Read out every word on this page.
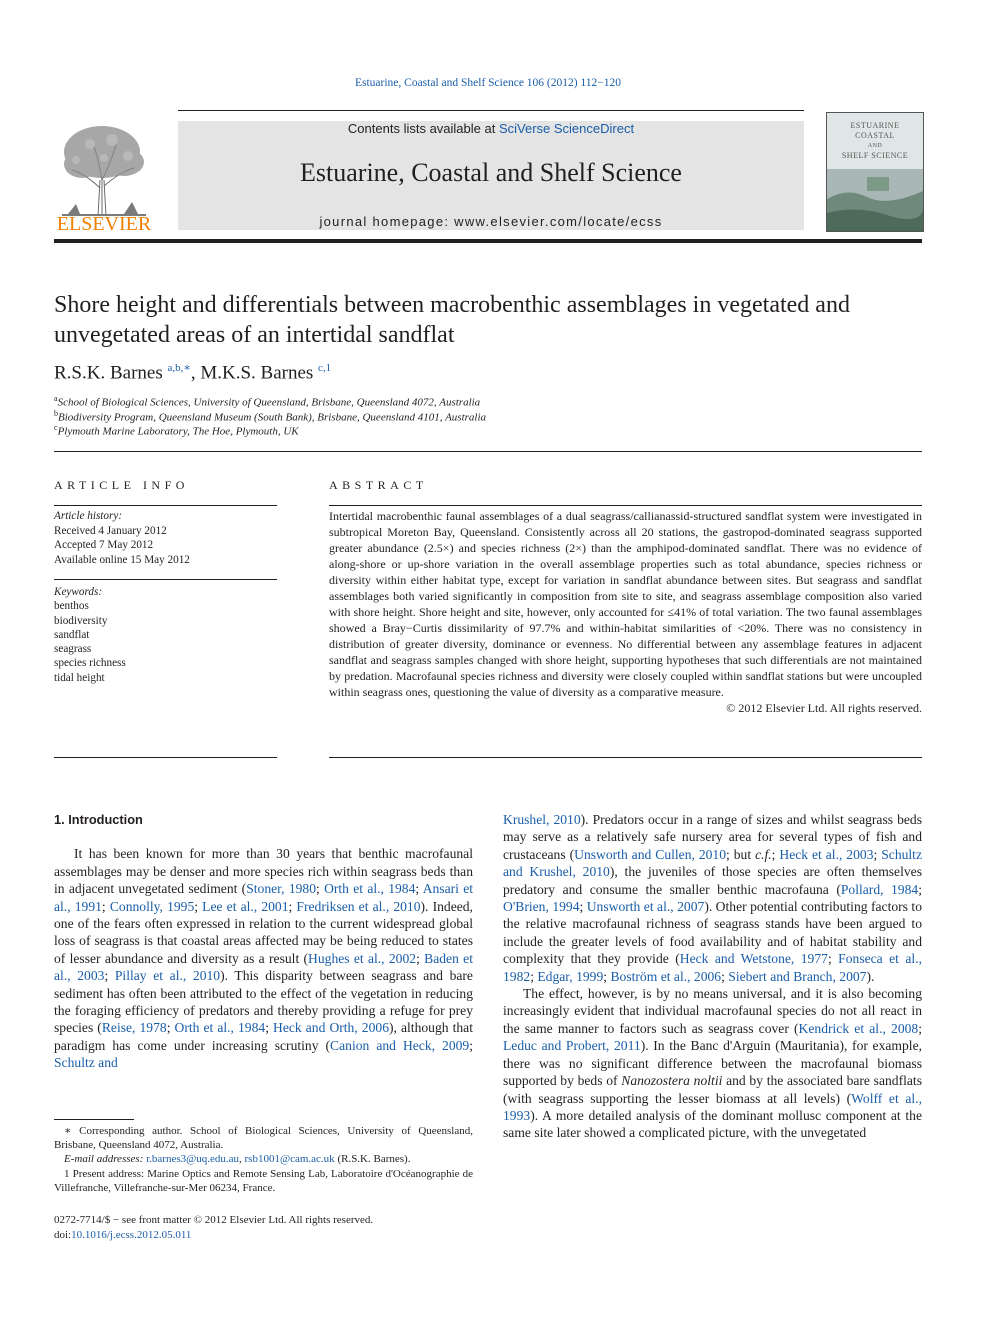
Estuarine, Coastal and Shelf Science 106 (2012) 112−120
ELSEVIER
Contents lists available at SciVerse ScienceDirect
Estuarine, Coastal and Shelf Science
journal homepage: www.elsevier.com/locate/ecss
ESTUARINE
COASTAL
AND
SHELF SCIENCE
Shore height and differentials between macrobenthic assemblages in vegetated and unvegetated areas of an intertidal sandflat
R.S.K. Barnes $^{a,b,∗}$, M.K.S. Barnes $^{c,1}$
$^a$School of Biological Sciences, University of Queensland, Brisbane, Queensland 4072, Australia
$^b$Biodiversity Program, Queensland Museum (South Bank), Brisbane, Queensland 4101, Australia
$^c$Plymouth Marine Laboratory, The Hoe, Plymouth, UK
ARTICLE INFO	ABSTRACT
Article history:
Received 4 January 2012
Accepted 7 May 2012
Available online 15 May 2012
Keywords:
benthos
biodiversity
sandflat
seagrass
species richness
tidal height
Intertidal macrobenthic faunal assemblages of a dual seagrass/callianassid-structured sandflat system were investigated in subtropical Moreton Bay, Queensland. Consistently across all 20 stations, the gastropod-dominated seagrass supported greater abundance (2.5×) and species richness (2×) than the amphipod-dominated sandflat. There was no evidence of along-shore or up-shore variation in the overall assemblage properties such as total abundance, species richness or diversity within either habitat type, except for variation in sandflat abundance between sites. But seagrass and sandflat assemblages both varied significantly in composition from site to site, and seagrass assemblage composition also varied with shore height. Shore height and site, however, only accounted for ≤41% of total variation. The two faunal assemblages showed a Bray−Curtis dissimilarity of 97.7% and within-habitat similarities of <20%. There was no consistency in distribution of greater diversity, dominance or evenness. No differential between any assemblage features in adjacent sandflat and seagrass samples changed with shore height, supporting hypotheses that such differentials are not maintained by predation. Macrofaunal species richness and diversity were closely coupled within sandflat stations but were uncoupled within seagrass ones, questioning the value of diversity as a comparative measure.
© 2012 Elsevier Ltd. All rights reserved.
1. Introduction

It has been known for more than 30 years that benthic macrofaunal assemblages may be denser and more species rich within seagrass beds than in adjacent unvegetated sediment (Stoner, 1980; Orth et al., 1984; Ansari et al., 1991; Connolly, 1995; Lee et al., 2001; Fredriksen et al., 2010). Indeed, one of the fears often expressed in relation to the current widespread global loss of seagrass is that coastal areas affected may be being reduced to states of lesser abundance and diversity as a result (Hughes et al., 2002; Baden et al., 2003; Pillay et al., 2010). This disparity between seagrass and bare sediment has often been attributed to the effect of the vegetation in reducing the foraging efficiency of predators and thereby providing a refuge for prey species (Reise, 1978; Orth et al., 1984; Heck and Orth, 2006), although that paradigm has come under increasing scrutiny (Canion and Heck, 2009; Schultz and

Krushel, 2010). Predators occur in a range of sizes and whilst seagrass beds may serve as a relatively safe nursery area for several types of fish and crustaceans (Unsworth and Cullen, 2010; but c.f.; Heck et al., 2003; Schultz and Krushel, 2010), the juveniles of those species are often themselves predatory and consume the smaller benthic macrofauna (Pollard, 1984; O'Brien, 1994; Unsworth et al., 2007). Other potential contributing factors to the relative macrofaunal richness of seagrass stands have been argued to include the greater levels of food availability and of habitat stability and complexity that they provide (Heck and Wetstone, 1977; Fonseca et al., 1982; Edgar, 1999; Boström et al., 2006; Siebert and Branch, 2007).

The effect, however, is by no means universal, and it is also becoming increasingly evident that individual macrofaunal species do not all react in the same manner to factors such as seagrass cover (Kendrick et al., 2008; Leduc and Probert, 2011). In the Banc d'Arguin (Mauritania), for example, there was no significant difference between the macrofaunal biomass supported by beds of Nanozostera noltii and by the associated bare sandflats (with seagrass supporting the lesser biomass at all levels) (Wolff et al., 1993). A more detailed analysis of the dominant mollusc component at the same site later showed a complicated picture, with the unvegetated

∗ Corresponding author. School of Biological Sciences, University of Queensland, Brisbane, Queensland 4072, Australia.

E-mail addresses: r.barnes3@uq.edu.au, rsb1001@cam.ac.uk (R.S.K. Barnes).

1 Present address: Marine Optics and Remote Sensing Lab, Laboratoire d'Océanographie de Villefranche, Villefranche-sur-Mer 06234, France.

0272-7714/$ − see front matter © 2012 Elsevier Ltd. All rights reserved.
doi:10.1016/j.ecss.2012.05.011
